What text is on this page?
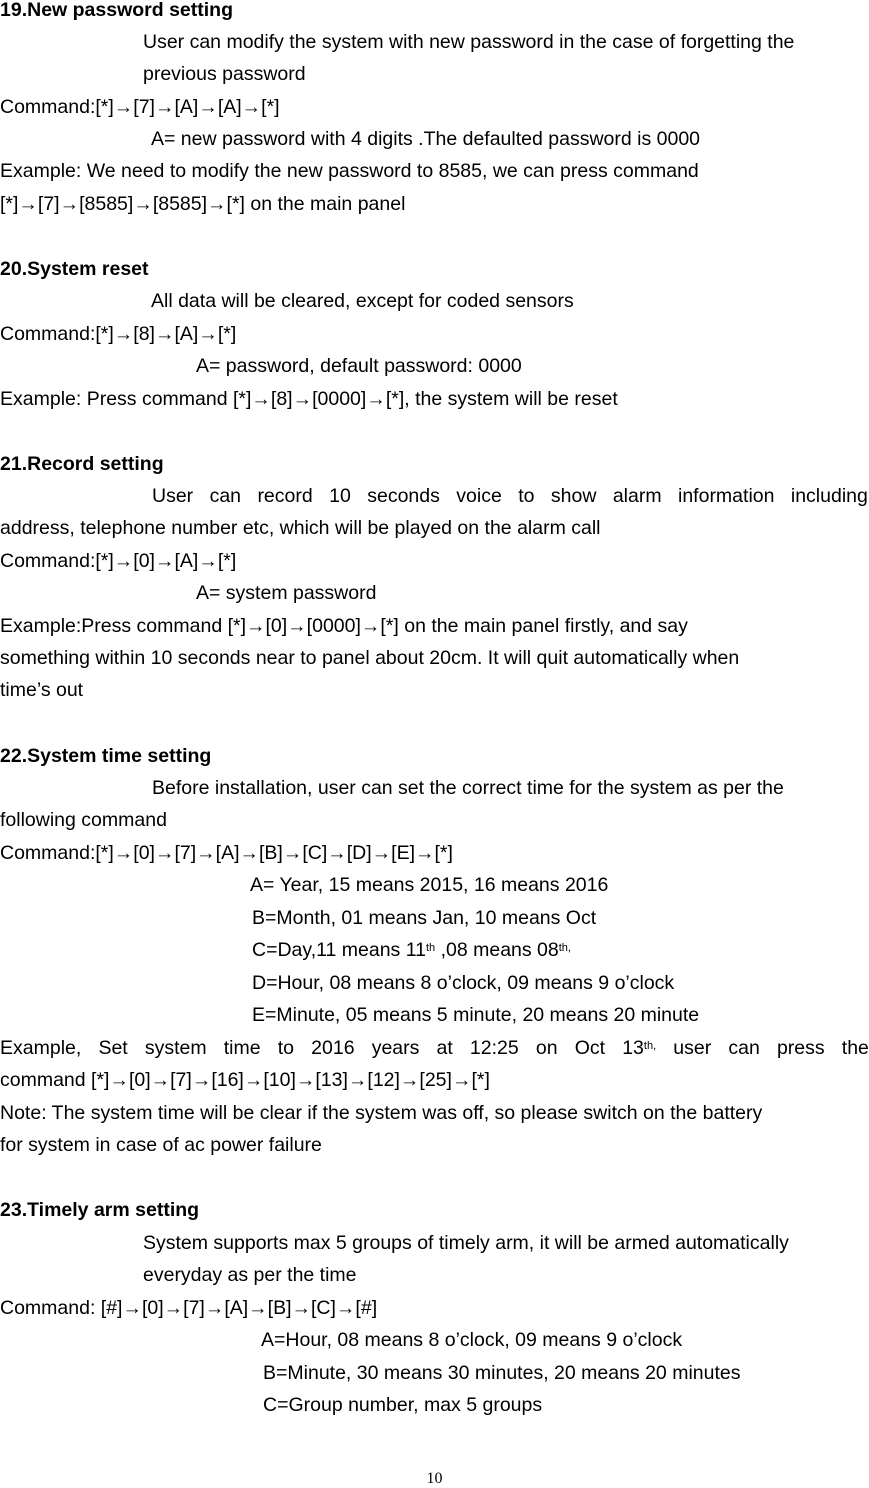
19.New password setting
User can modify the system with new password in the case of forgetting the
previous password
Command:[*]→[7]→[A]→[A]→[*]
A= new password with 4 digits .The defaulted password is 0000
Example: We need to modify the new password to 8585, we can press command
[*]→[7]→[8585]→[8585]→[*] on the main panel
20.System reset
All data will be cleared, except for coded sensors
Command:[*]→[8]→[A]→[*]
A= password, default password: 0000
Example: Press command [*]→[8]→[0000]→[*], the system will be reset
21.Record setting
User can record 10 seconds voice to show alarm information including
address, telephone number etc, which will be played on the alarm call
Command:[*]→[0]→[A]→[*]
A= system password
Example:Press command [*]→[0]→[0000]→[*] on the main panel firstly, and say
something within 10 seconds near to panel about 20cm. It will quit automatically when
time’s out
22.System time setting
Before installation, user can set the correct time for the system as per the
following command
Command:[*]→[0]→[7]→[A]→[B]→[C]→[D]→[E]→[*]
A= Year, 15 means 2015, 16 means 2016
B=Month, 01 means Jan, 10 means Oct
C=Day,11 means 11th ,08 means $08^{th,}$
D=Hour, 08 means 8 o’clock, 09 means 9 o’clock
E=Minute, 05 means 5 minute, 20 means 20 minute
Example, Set system time to 2016 years at 12:25 on Oct $13^{th,}$ user can press the
command [*]→[0]→[7]→[16]→[10]→[13]→[12]→[25]→[*]
Note: The system time will be clear if the system was off, so please switch on the battery
for system in case of ac power failure
23.Timely arm setting
System supports max 5 groups of timely arm, it will be armed automatically
everyday as per the time
Command: [#]→[0]→[7]→[A]→[B]→[C]→[#]
A=Hour, 08 means 8 o’clock, 09 means 9 o’clock
B=Minute, 30 means 30 minutes, 20 means 20 minutes
C=Group number, max 5 groups
10
